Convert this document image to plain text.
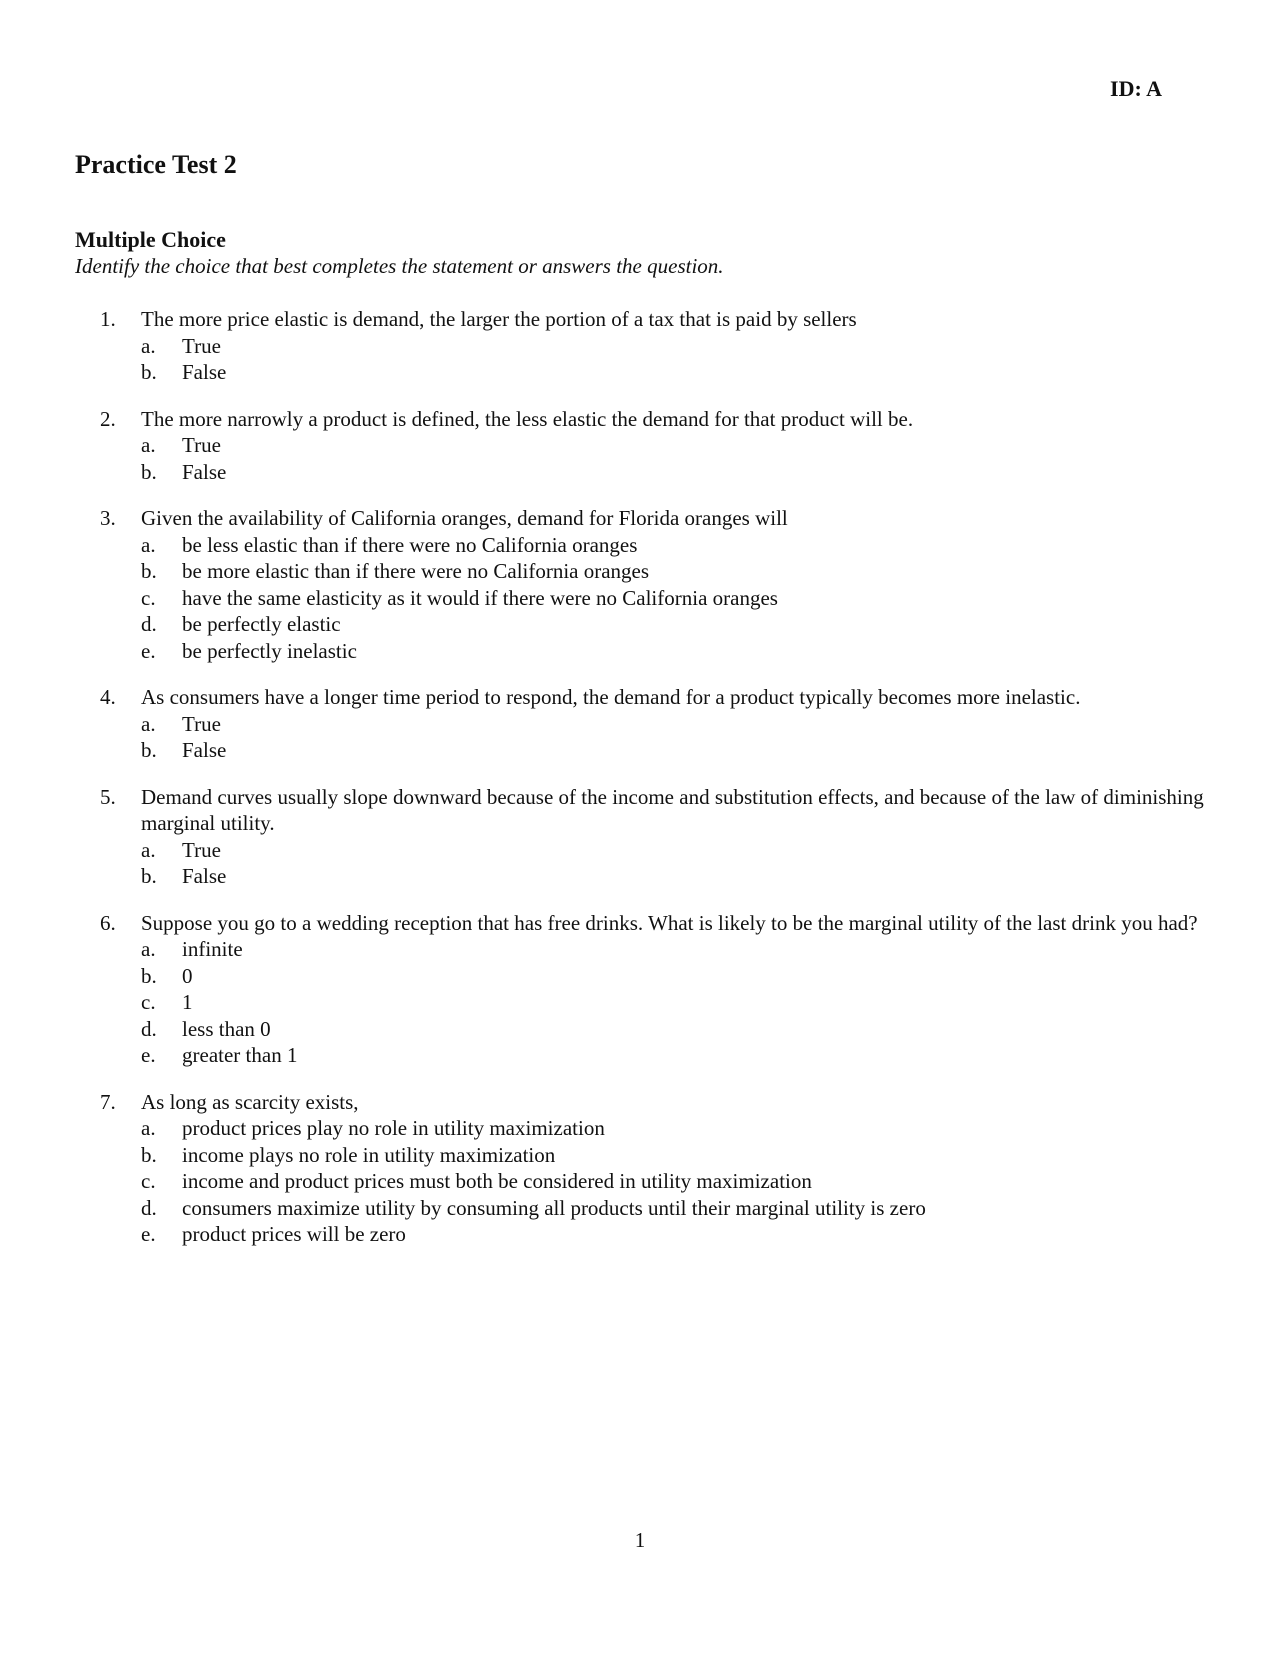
ID: A
Practice Test 2
Multiple Choice
Identify the choice that best completes the statement or answers the question.
1.	The more price elastic is demand, the larger the portion of a tax that is paid by sellers
a.	True
b.	False
2.	The more narrowly a product is defined, the less elastic the demand for that product will be.
a.	True
b.	False
3.	Given the availability of California oranges, demand for Florida oranges will
a.	be less elastic than if there were no California oranges
b.	be more elastic than if there were no California oranges
c.	have the same elasticity as it would if there were no California oranges
d.	be perfectly elastic
e.	be perfectly inelastic
4.	As consumers have a longer time period to respond, the demand for a product typically becomes more inelastic.
a.	True
b.	False
5.	Demand curves usually slope downward because of the income and substitution effects, and because of the law of diminishing marginal utility.
a.	True
b.	False
6.	Suppose you go to a wedding reception that has free drinks. What is likely to be the marginal utility of the last drink you had?
a.	infinite
b.	0
c.	1
d.	less than 0
e.	greater than 1
7.	As long as scarcity exists,
a.	product prices play no role in utility maximization
b.	income plays no role in utility maximization
c.	income and product prices must both be considered in utility maximization
d.	consumers maximize utility by consuming all products until their marginal utility is zero
e.	product prices will be zero
1
